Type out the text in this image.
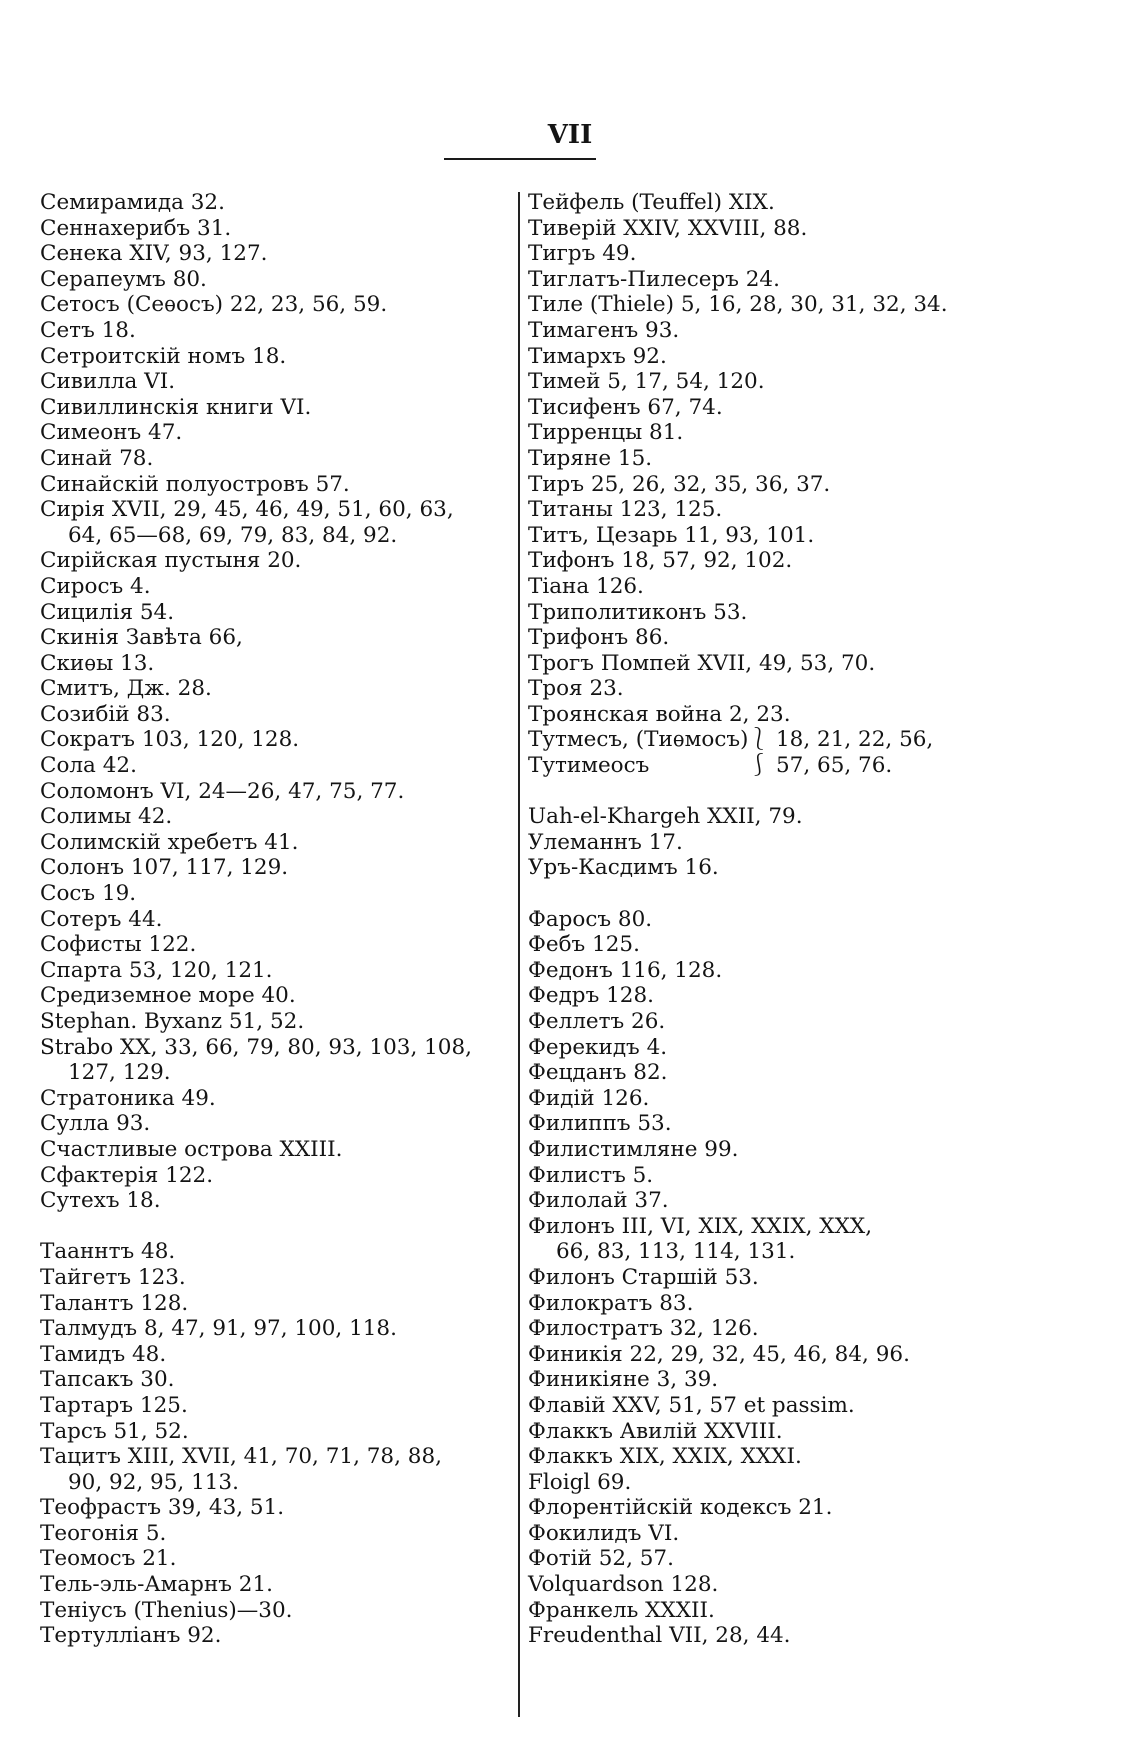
VII
Семирамида 32.
Сеннахерибъ 31.
Сенека XIV, 93, 127.
Серапеумъ 80.
Сетосъ (Сеѳосъ) 22, 23, 56, 59.
Сетъ 18.
Сетроитскій номъ 18.
Сивилла VI.
Сивиллинскія книги VI.
Симеонъ 47.
Синай 78.
Синайскій полуостровъ 57.
Сирія XVII, 29, 45, 46, 49, 51, 60, 63,
64, 65—68, 69, 79, 83, 84, 92.
Сирійская пустыня 20.
Сиросъ 4.
Сицилія 54.
Скинія Завѣта 66,
Скиѳы 13.
Смитъ, Дж. 28.
Созибій 83.
Сократъ 103, 120, 128.
Сола 42.
Соломонъ VI, 24—26, 47, 75, 77.
Солимы 42.
Солимскій хребетъ 41.
Солонъ 107, 117, 129.
Сосъ 19.
Сотеръ 44.
Софисты 122.
Спарта 53, 120, 121.
Средиземное море 40.
Stephan. Byxanz 51, 52.
Strabo XX, 33, 66, 79, 80, 93, 103, 108,
127, 129.
Стратоника 49.
Сулла 93.
Счастливые острова XXIII.
Сфактерія 122.
Сутехъ 18.
Тааннтъ 48.
Тайгетъ 123.
Талантъ 128.
Талмудъ 8, 47, 91, 97, 100, 118.
Тамидъ 48.
Тапсакъ 30.
Тартаръ 125.
Тарсъ 51, 52.
Тацитъ XIII, XVII, 41, 70, 71, 78, 88,
90, 92, 95, 113.
Теофрастъ 39, 43, 51.
Теогонія 5.
Теомосъ 21.
Тель-эль-Амарнъ 21.
Теніусъ (Thenius)—30.
Тертулліанъ 92.
Тейфель (Teuffel) XIX.
Тиверій XXIV, XXVIII, 88.
Тигръ 49.
Тиглатъ-Пилесеръ 24.
Тиле (Thiele) 5, 16, 28, 30, 31, 32, 34.
Тимагенъ 93.
Тимархъ 92.
Тимей 5, 17, 54, 120.
Тисифенъ 67, 74.
Тирренцы 81.
Тиряне 15.
Тиръ 25, 26, 32, 35, 36, 37.
Титаны 123, 125.
Титъ, Цезарь 11, 93, 101.
Тифонъ 18, 57, 92, 102.
Тіана 126.
Триполитиконъ 53.
Трифонъ 86.
Трогъ Помпей XVII, 49, 53, 70.
Троя 23.
Троянская война 2, 23.
Тутмесъ, (Тиѳмосъ)
Тутимеосъ
⎱
⎰
18, 21, 22, 56,
57, 65, 76.
Uah-el-Khargeh XXII, 79.
Улеманнъ 17.
Уръ-Касдимъ 16.
Фаросъ 80.
Фебъ 125.
Федонъ 116, 128.
Федръ 128.
Феллетъ 26.
Ферекидъ 4.
Фецданъ 82.
Фидій 126.
Филиппъ 53.
Филистимляне 99.
Филистъ 5.
Филолай 37.
Филонъ III, VI, XIX, XXIX, XXX,
66, 83, 113, 114, 131.
Филонъ Старшій 53.
Филократъ 83.
Филостратъ 32, 126.
Финикія 22, 29, 32, 45, 46, 84, 96.
Финикіяне 3, 39.
Флавій XXV, 51, 57 et passim.
Флаккъ Авилій XXVIII.
Флаккъ XIX, XXIX, XXXI.
Floigl 69.
Флорентійскій кодексъ 21.
Фокилидъ VI.
Фотій 52, 57.
Volquardson 128.
Франкель XXXII.
Freudenthal VII, 28, 44.
